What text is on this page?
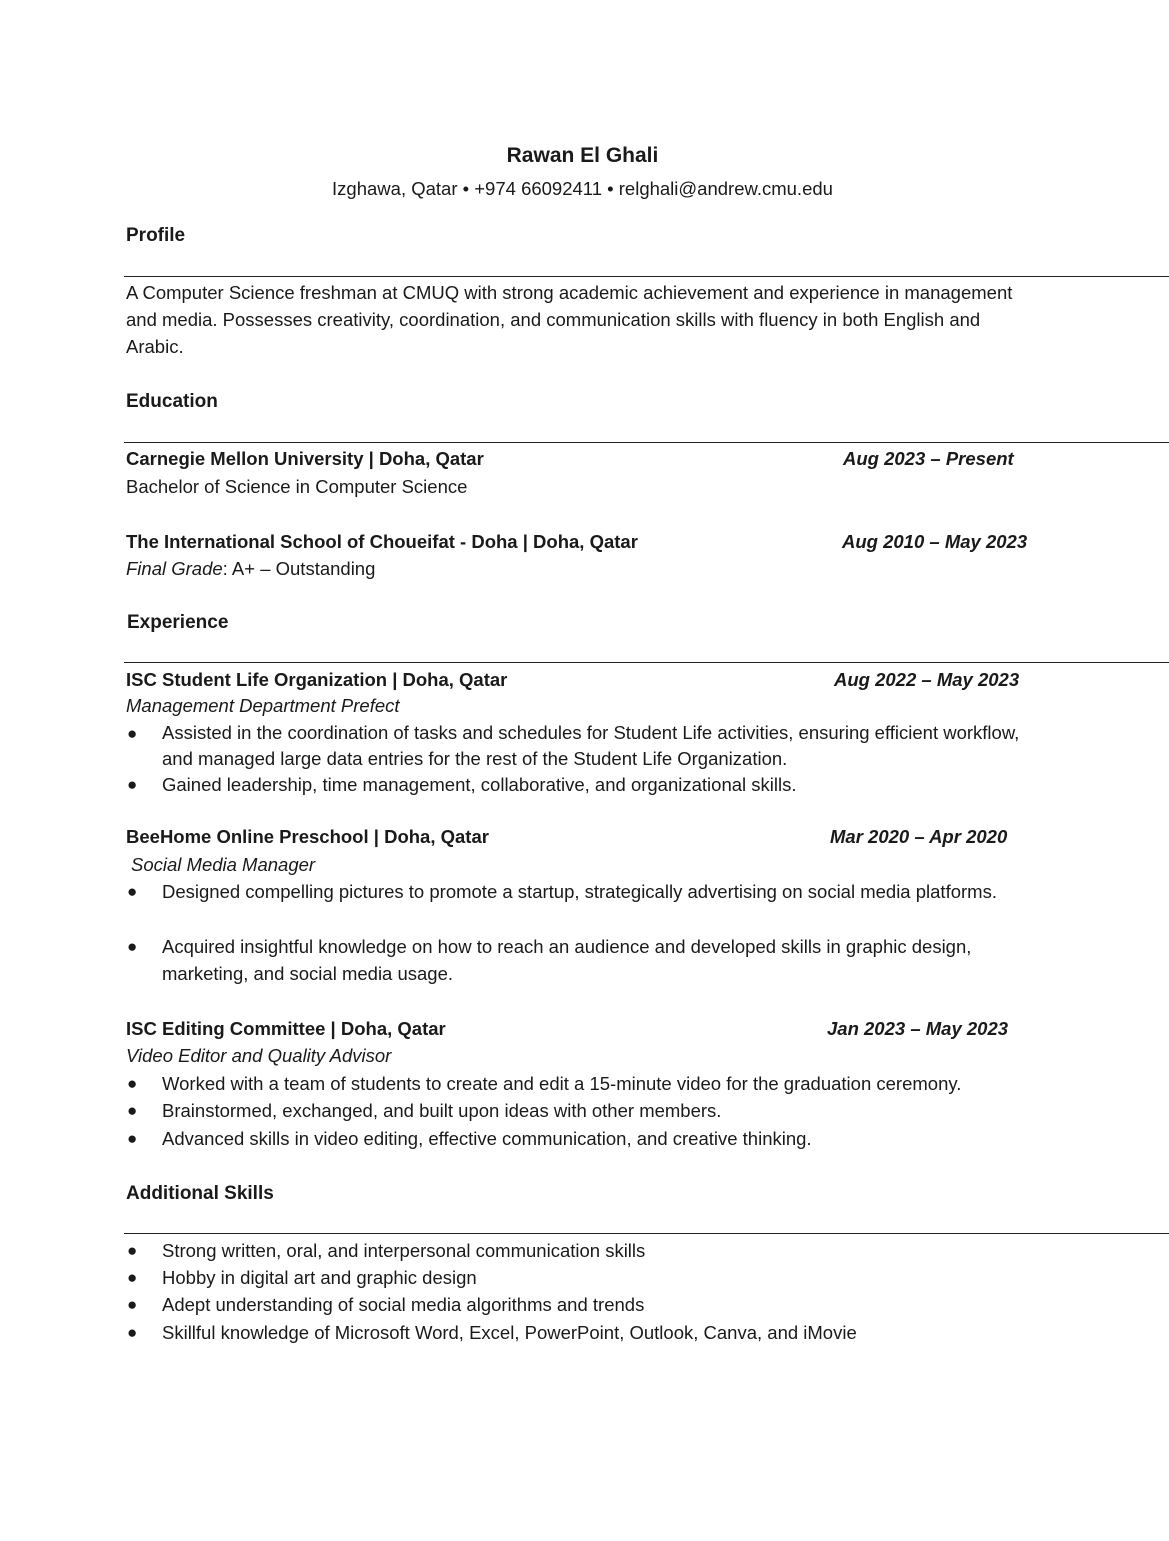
Rawan El Ghali

Izghawa, Qatar • +974 66092411 • relghali@andrew.cmu.edu

Profile

A Computer Science freshman at CMUQ with strong academic achievement and experience in management and media. Possesses creativity, coordination, and communication skills with fluency in both English and Arabic.

Education

Carnegie Mellon University | Doha, Qatar	Aug 2023 – Present

Bachelor of Science in Computer Science

The International School of Choueifat - Doha | Doha, Qatar	Aug 2010 – May 2023

Final Grade: A+ – Outstanding

Experience

ISC Student Life Organization | Doha, Qatar	Aug 2022 – May 2023

Management Department Prefect

● Assisted in the coordination of tasks and schedules for Student Life activities, ensuring efficient workflow, and managed large data entries for the rest of the Student Life Organization.

● Gained leadership, time management, collaborative, and organizational skills.

BeeHome Online Preschool | Doha, Qatar	Mar 2020 – Apr 2020

Social Media Manager

● Designed compelling pictures to promote a startup, strategically advertising on social media platforms.

● Acquired insightful knowledge on how to reach an audience and developed skills in graphic design, marketing, and social media usage.

ISC Editing Committee | Doha, Qatar	Jan 2023 – May 2023

Video Editor and Quality Advisor

● Worked with a team of students to create and edit a 15-minute video for the graduation ceremony.

● Brainstormed, exchanged, and built upon ideas with other members.

● Advanced skills in video editing, effective communication, and creative thinking.

Additional Skills

● Strong written, oral, and interpersonal communication skills

● Hobby in digital art and graphic design

● Adept understanding of social media algorithms and trends

● Skillful knowledge of Microsoft Word, Excel, PowerPoint, Outlook, Canva, and iMovie
